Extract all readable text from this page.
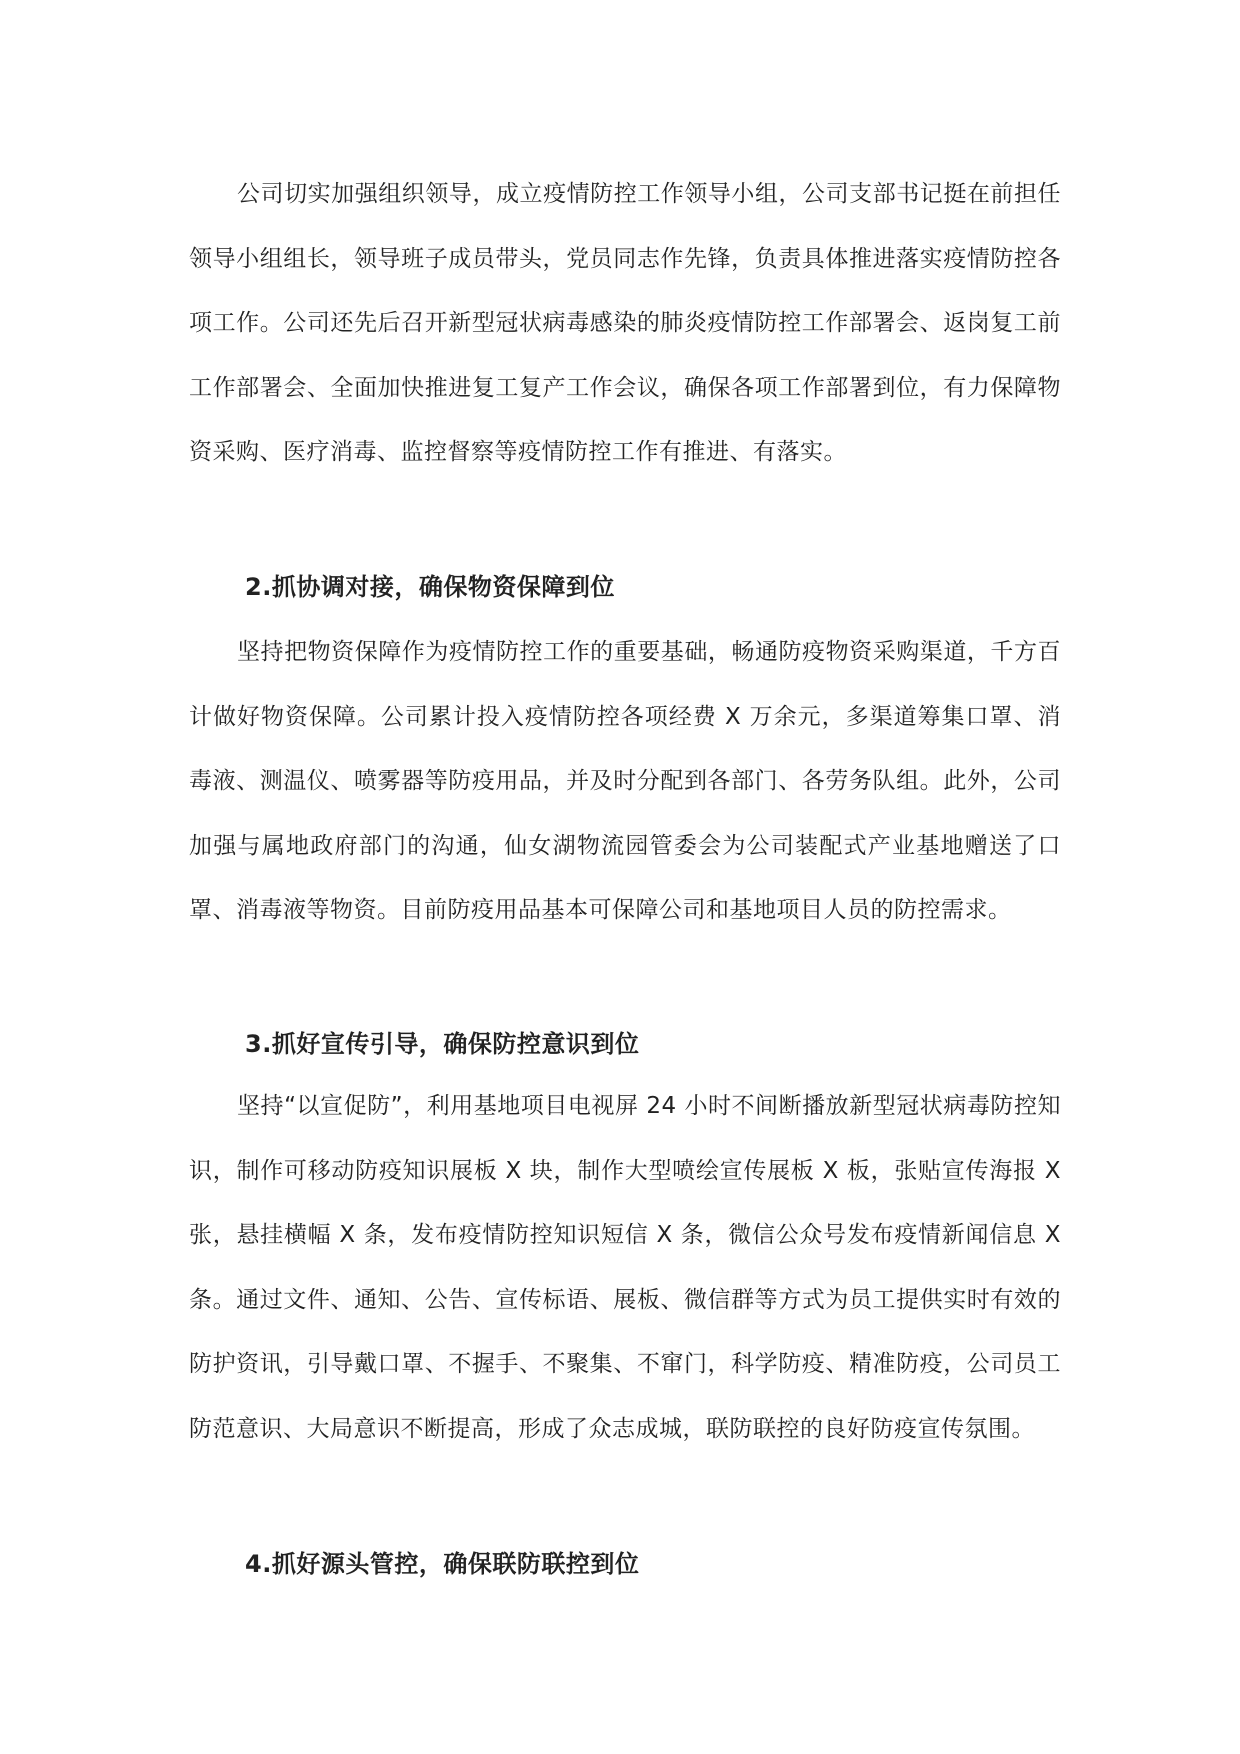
公司切实加强组织领导，成立疫情防控工作领导小组，公司支部书记挺在前担任领导小组组长，领导班子成员带头，党员同志作先锋，负责具体推进落实疫情防控各项工作。公司还先后召开新型冠状病毒感染的肺炎疫情防控工作部署会、返岗复工前工作部署会、全面加快推进复工复产工作会议，确保各项工作部署到位，有力保障物资采购、医疗消毒、监控督察等疫情防控工作有推进、有落实。

2.抓协调对接，确保物资保障到位

坚持把物资保障作为疫情防控工作的重要基础，畅通防疫物资采购渠道，千方百计做好物资保障。公司累计投入疫情防控各项经费 X 万余元，多渠道筹集口罩、消毒液、测温仪、喷雾器等防疫用品，并及时分配到各部门、各劳务队组。此外，公司加强与属地政府部门的沟通，仙女湖物流园管委会为公司装配式产业基地赠送了口罩、消毒液等物资。目前防疫用品基本可保障公司和基地项目人员的防控需求。

3.抓好宣传引导，确保防控意识到位

坚持“以宣促防”，利用基地项目电视屏 24 小时不间断播放新型冠状病毒防控知识，制作可移动防疫知识展板 X 块，制作大型喷绘宣传展板 X 板，张贴宣传海报 X 张，悬挂横幅 X 条，发布疫情防控知识短信 X 条，微信公众号发布疫情新闻信息 X 条。通过文件、通知、公告、宣传标语、展板、微信群等方式为员工提供实时有效的防护资讯，引导戴口罩、不握手、不聚集、不窜门，科学防疫、精准防疫，公司员工防范意识、大局意识不断提高，形成了众志成城，联防联控的良好防疫宣传氛围。

4.抓好源头管控，确保联防联控到位
